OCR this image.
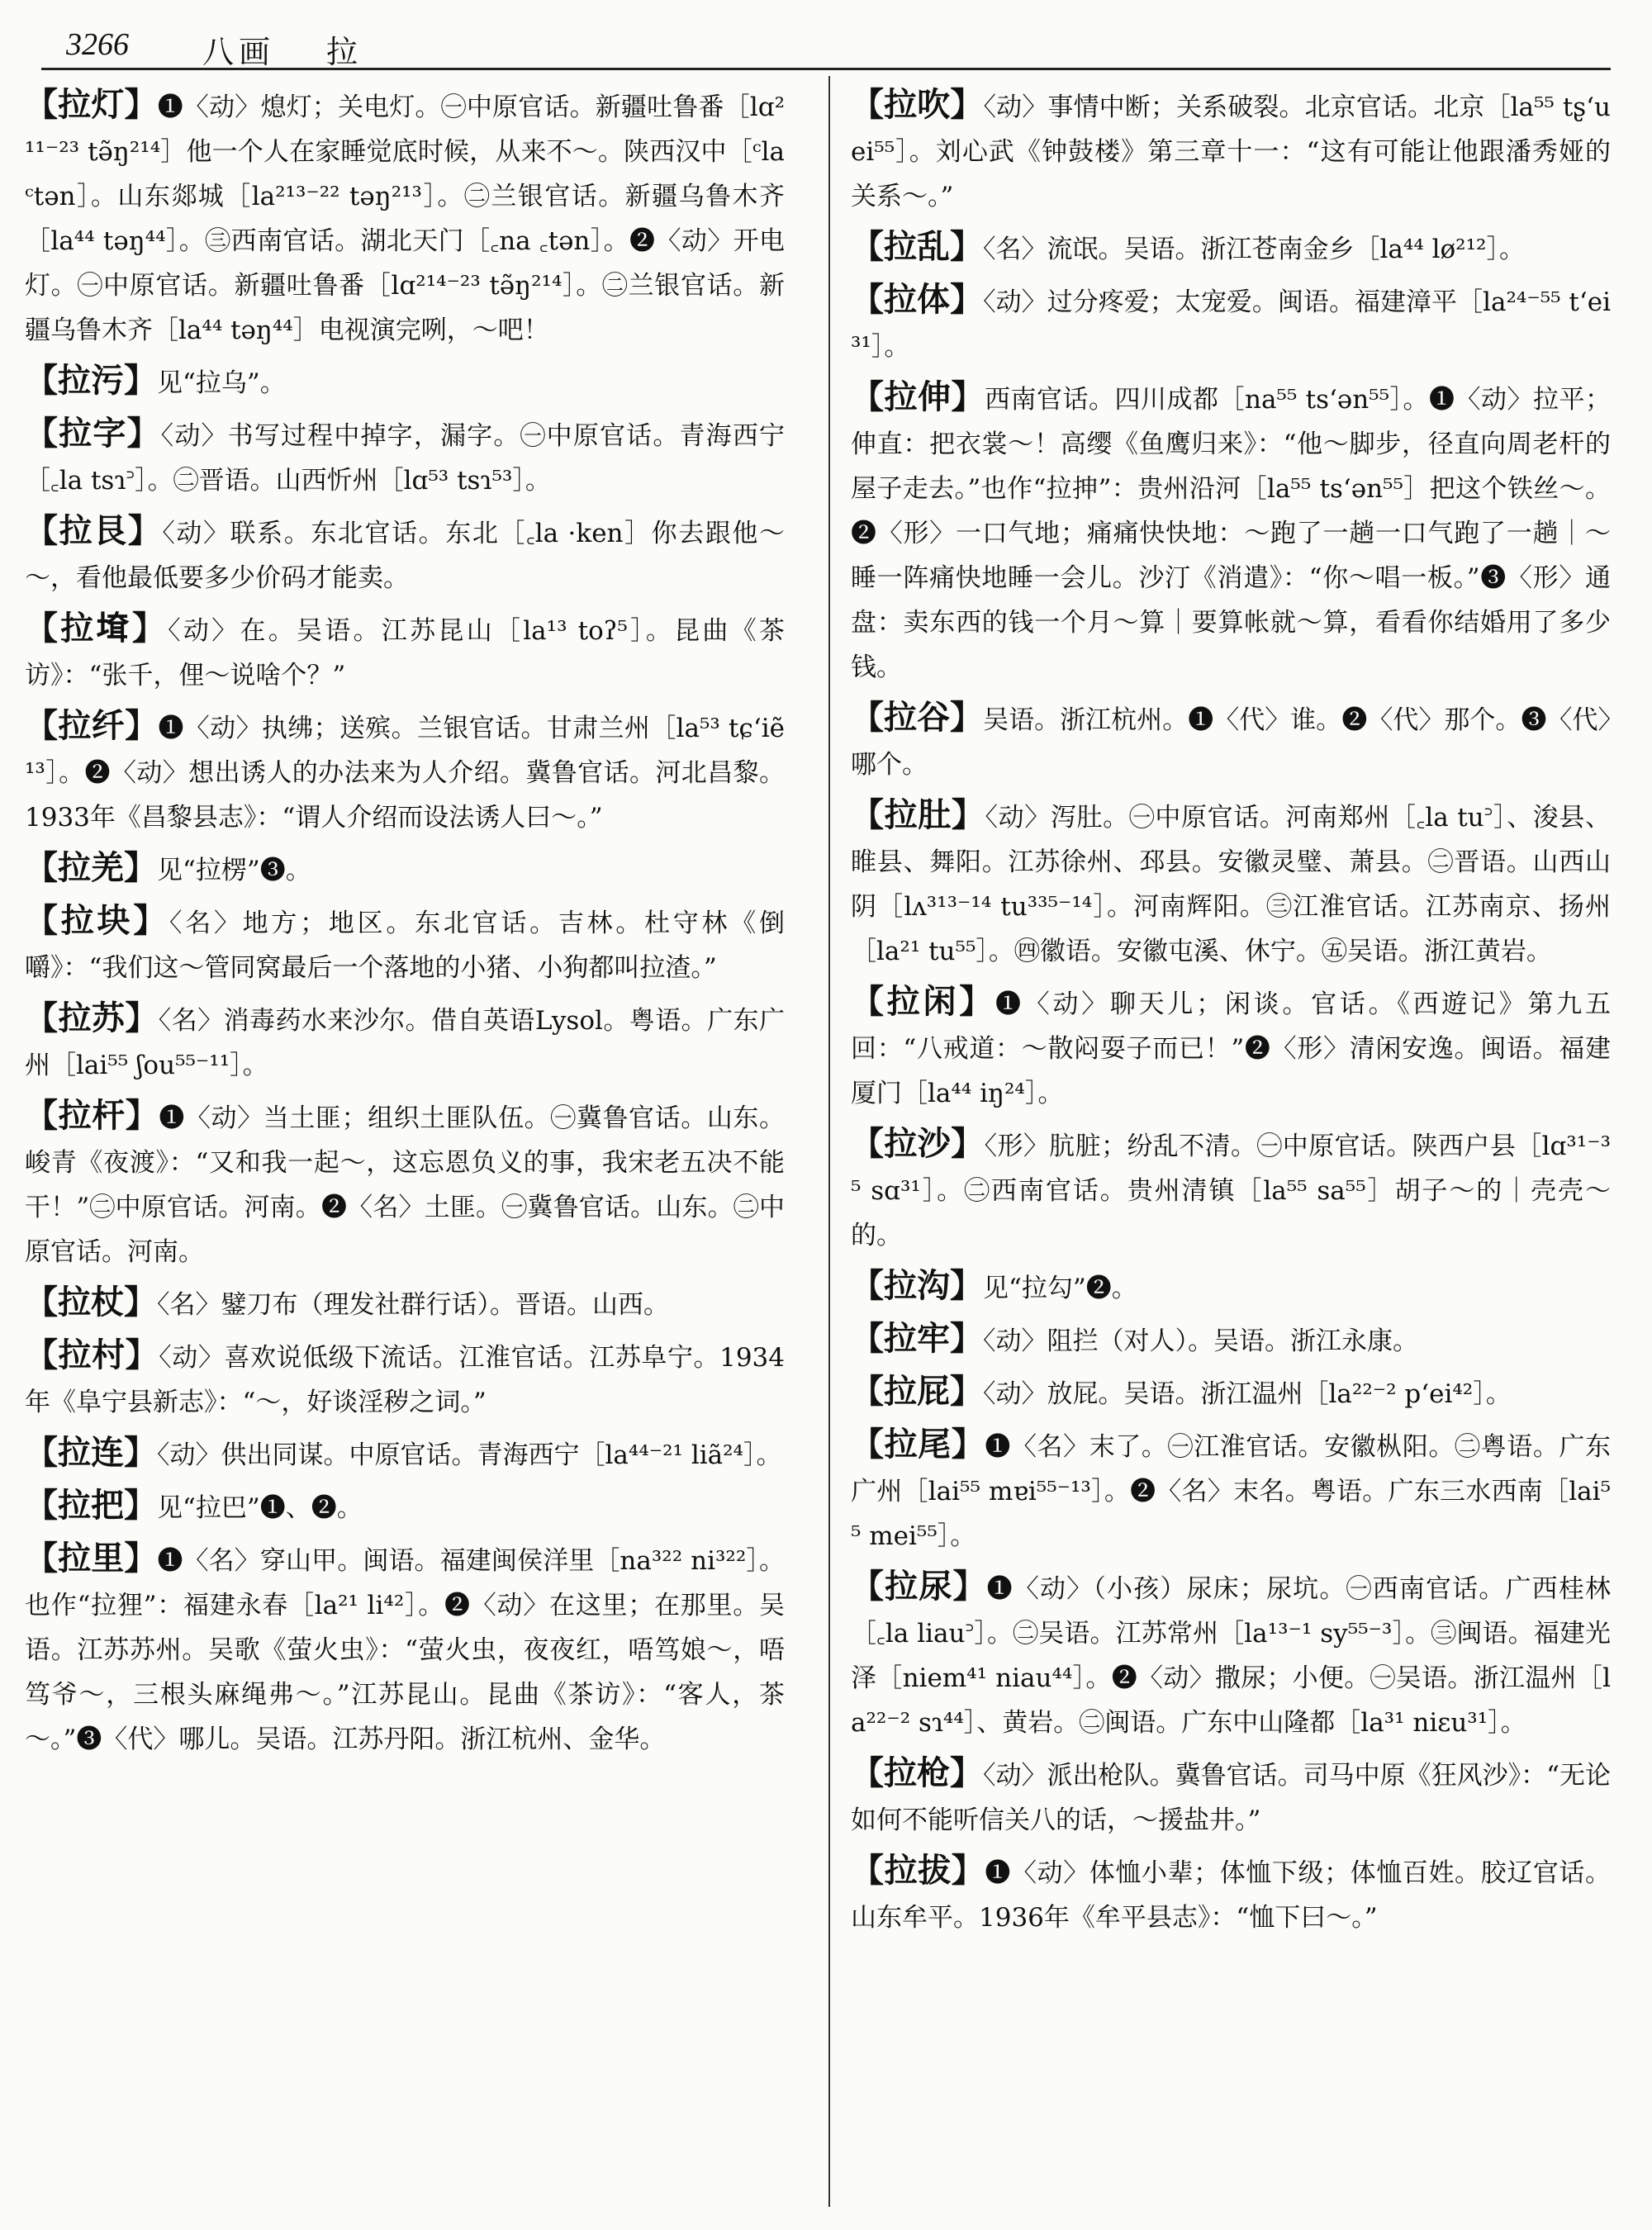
3266 八画 拉
【拉灯】❶〈动〉熄灯；关电灯。㊀中原官话。新疆吐鲁番［lɑ²¹¹⁻²³ tə̃ŋ²¹⁴］他一个人在家睡觉底时候，从来不～。陕西汉中［ᶜla ᶜtən］。山东郯城［la²¹³⁻²² təŋ²¹³］。㊁兰银官话。新疆乌鲁木齐［la⁴⁴ təŋ⁴⁴］。㊂西南官话。湖北天门［꜀na ꜀tən］。❷〈动〉开电灯。㊀中原官话。新疆吐鲁番［lɑ²¹⁴⁻²³ tə̃ŋ²¹⁴］。㊁兰银官话。新疆乌鲁木齐［la⁴⁴ təŋ⁴⁴］电视演完咧，～吧！
【拉污】见“拉乌”。
【拉字】〈动〉书写过程中掉字，漏字。㊀中原官话。青海西宁［꜀la tsɿ꜄］。㊁晋语。山西忻州［lɑ⁵³ tsɿ⁵³］。
【拉艮】〈动〉联系。东北官话。东北［꜀la ·ken］你去跟他～～，看他最低要多少价码才能卖。
【拉𡍲】〈动〉在。吴语。江苏昆山［la¹³ toʔ⁵］。昆曲《茶访》：“张千，俚～说啥个？”
【拉纤】❶〈动〉执绋；送殡。兰银官话。甘肃兰州［la⁵³ tɕʻiẽ¹³］。❷〈动〉想出诱人的办法来为人介绍。冀鲁官话。河北昌黎。1933年《昌黎县志》：“谓人介绍而设法诱人曰～。”
【拉羌】见“拉楞”❸。
【拉块】〈名〉地方；地区。东北官话。吉林。杜守林《倒嚼》：“我们这～管同窝最后一个落地的小猪、小狗都叫拉渣。”
【拉苏】〈名〉消毒药水来沙尔。借自英语Lysol。粤语。广东广州［lai⁵⁵ ʃou⁵⁵⁻¹¹］。
【拉杆】❶〈动〉当土匪；组织土匪队伍。㊀冀鲁官话。山东。峻青《夜渡》：“又和我一起～，这忘恩负义的事，我宋老五决不能干！”㊁中原官话。河南。❷〈名〉土匪。㊀冀鲁官话。山东。㊁中原官话。河南。
【拉杖】〈名〉鐾刀布（理发社群行话）。晋语。山西。
【拉村】〈动〉喜欢说低级下流话。江淮官话。江苏阜宁。1934年《阜宁县新志》：“～，好谈淫秽之词。”
【拉连】〈动〉供出同谋。中原官话。青海西宁［la⁴⁴⁻²¹ liã²⁴］。
【拉把】见“拉巴”❶、❷。
【拉里】❶〈名〉穿山甲。闽语。福建闽侯洋里［na³²² ni³²²］。也作“拉狸”：福建永春［la²¹ li⁴²］。❷〈动〉在这里；在那里。吴语。江苏苏州。吴歌《萤火虫》：“萤火虫，夜夜红，唔笃娘～，唔笃爷～，三根头麻绳弗～。”江苏昆山。昆曲《茶访》：“客人，茶～。”❸〈代〉哪儿。吴语。江苏丹阳。浙江杭州、金华。
【拉吹】〈动〉事情中断；关系破裂。北京官话。北京［la⁵⁵ tʂʻuei⁵⁵］。刘心武《钟鼓楼》第三章十一：“这有可能让他跟潘秀娅的关系～。”
【拉乱】〈名〉流氓。吴语。浙江苍南金乡［la⁴⁴ lø²¹²］。
【拉体】〈动〉过分疼爱；太宠爱。闽语。福建漳平［la²⁴⁻⁵⁵ tʻei³¹］。
【拉伸】西南官话。四川成都［na⁵⁵ tsʻən⁵⁵］。❶〈动〉拉平；伸直：把衣裳～！高缨《鱼鹰归来》：“他～脚步，径直向周老杆的屋子走去。”也作“拉抻”：贵州沿河［la⁵⁵ tsʻən⁵⁵］把这个铁丝～。❷〈形〉一口气地；痛痛快快地：～跑了一趟一口气跑了一趟｜～睡一阵痛快地睡一会儿。沙汀《消遣》：“你～唱一板。”❸〈形〉通盘：卖东西的钱一个月～算｜要算帐就～算，看看你结婚用了多少钱。
【拉谷】吴语。浙江杭州。❶〈代〉谁。❷〈代〉那个。❸〈代〉哪个。
【拉肚】〈动〉泻肚。㊀中原官话。河南郑州［꜀la tu꜄］、浚县、睢县、舞阳。江苏徐州、邳县。安徽灵璧、萧县。㊁晋语。山西山阴［lʌ³¹³⁻¹⁴ tu³³⁵⁻¹⁴］。河南辉阳。㊂江淮官话。江苏南京、扬州［la²¹ tu⁵⁵］。㊃徽语。安徽屯溪、休宁。㊄吴语。浙江黄岩。
【拉闲】❶〈动〉聊天儿；闲谈。官话。《西遊记》第九五回：“八戒道：～散闷耍子而已！”❷〈形〉清闲安逸。闽语。福建厦门［la⁴⁴ iŋ²⁴］。
【拉沙】〈形〉肮脏；纷乱不清。㊀中原官话。陕西户县［lɑ³¹⁻³⁵ sɑ³¹］。㊁西南官话。贵州清镇［la⁵⁵ sa⁵⁵］胡子～的｜壳壳～的。
【拉沟】见“拉勾”❷。
【拉牢】〈动〉阻拦（对人）。吴语。浙江永康。
【拉屁】〈动〉放屁。吴语。浙江温州［la²²⁻² pʻei⁴²］。
【拉尾】❶〈名〉末了。㊀江淮官话。安徽枞阳。㊁粤语。广东广州［lai⁵⁵ mɐi⁵⁵⁻¹³］。❷〈名〉末名。粤语。广东三水西南［lai⁵⁵ mei⁵⁵］。
【拉尿】❶〈动〉（小孩）尿床；尿坑。㊀西南官话。广西桂林［꜀la liau꜄］。㊁吴语。江苏常州［la¹³⁻¹ sy⁵⁵⁻³］。㊂闽语。福建光泽［niem⁴¹ niau⁴⁴］。❷〈动〉撒尿；小便。㊀吴语。浙江温州［la²²⁻² sɿ⁴⁴］、黄岩。㊁闽语。广东中山隆都［la³¹ niɛu³¹］。
【拉枪】〈动〉派出枪队。冀鲁官话。司马中原《狂风沙》：“无论如何不能听信关八的话，～援盐井。”
【拉拔】❶〈动〉体恤小辈；体恤下级；体恤百姓。胶辽官话。山东牟平。1936年《牟平县志》：“恤下曰～。”
